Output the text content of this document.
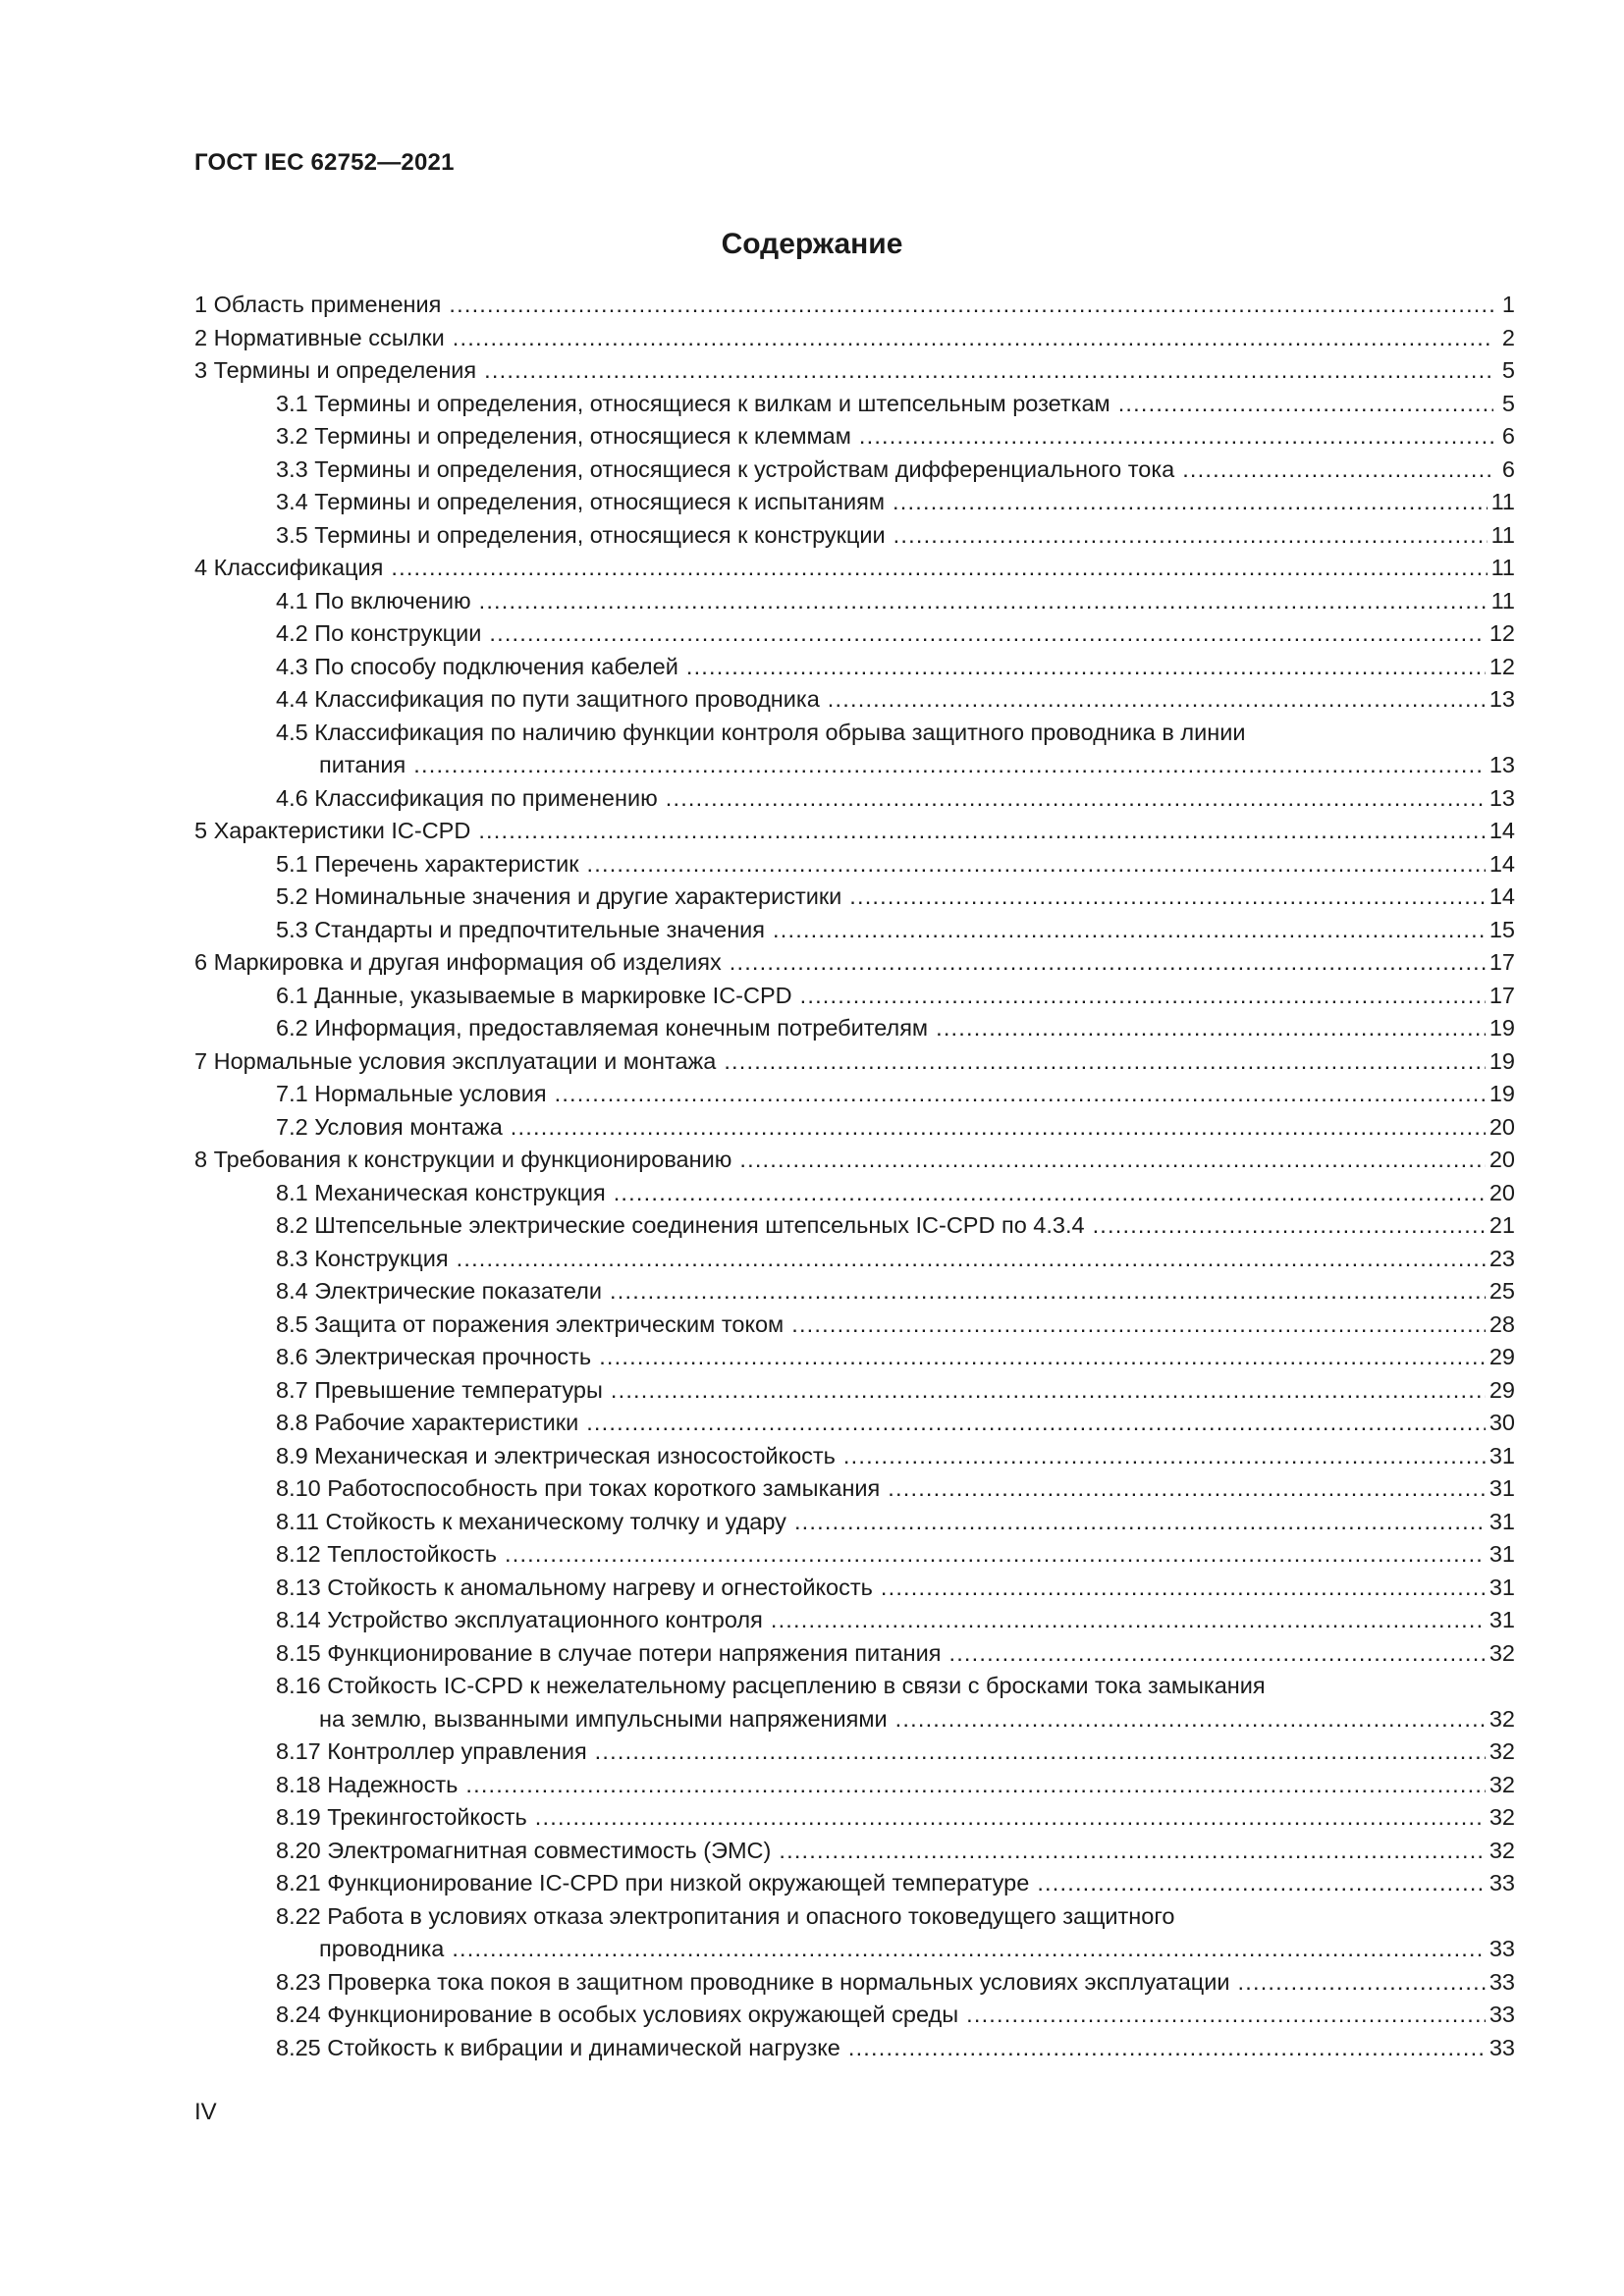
ГОСТ IEC 62752—2021
Содержание
1 Область применения .....	1
2 Нормативные ссылки .....	2
3 Термины и определения .....	5
3.1 Термины и определения, относящиеся к вилкам и штепсельным розеткам .....	5
3.2 Термины и определения, относящиеся к клеммам .....	6
3.3 Термины и определения, относящиеся к устройствам дифференциального тока .....	6
3.4 Термины и определения, относящиеся к испытаниям .....	11
3.5 Термины и определения, относящиеся к конструкции .....	11
4 Классификация .....	11
4.1 По включению .....	11
4.2 По конструкции .....	12
4.3 По способу подключения кабелей .....	12
4.4 Классификация по пути защитного проводника .....	13
4.5 Классификация по наличию функции контроля обрыва защитного проводника в линии
питания .....	13
4.6 Классификация по применению .....	13
5 Характеристики IC-CPD .....	14
5.1 Перечень характеристик .....	14
5.2 Номинальные значения и другие характеристики .....	14
5.3 Стандарты и предпочтительные значения .....	15
6 Маркировка и другая информация об изделиях .....	17
6.1 Данные, указываемые в маркировке IC-CPD .....	17
6.2 Информация, предоставляемая конечным потребителям .....	19
7 Нормальные условия эксплуатации и монтажа .....	19
7.1 Нормальные условия .....	19
7.2 Условия монтажа .....	20
8 Требования к конструкции и функционированию .....	20
8.1 Механическая конструкция .....	20
8.2 Штепсельные электрические соединения штепсельных IC-CPD по 4.3.4 .....	21
8.3 Конструкция .....	23
8.4 Электрические показатели .....	25
8.5 Защита от поражения электрическим током .....	28
8.6 Электрическая прочность .....	29
8.7 Превышение температуры .....	29
8.8 Рабочие характеристики .....	30
8.9 Механическая и электрическая износостойкость .....	31
8.10 Работоспособность при токах короткого замыкания .....	31
8.11 Стойкость к механическому толчку и удару .....	31
8.12 Теплостойкость .....	31
8.13 Стойкость к аномальному нагреву и огнестойкость .....	31
8.14 Устройство эксплуатационного контроля .....	31
8.15 Функционирование в случае потери напряжения питания .....	32
8.16 Стойкость IC-CPD к нежелательному расцеплению в связи с бросками тока замыкания
на землю, вызванными импульсными напряжениями .....	32
8.17 Контроллер управления .....	32
8.18 Надежность .....	32
8.19 Трекингостойкость .....	32
8.20 Электромагнитная совместимость (ЭМС) .....	32
8.21 Функционирование IC-CPD при низкой окружающей температуре .....	33
8.22 Работа в условиях отказа электропитания и опасного токоведущего защитного
проводника .....	33
8.23 Проверка тока покоя в защитном проводнике в нормальных условиях эксплуатации .....	33
8.24 Функционирование в особых условиях окружающей среды .....	33
8.25 Стойкость к вибрации и динамической нагрузке .....	33
IV
